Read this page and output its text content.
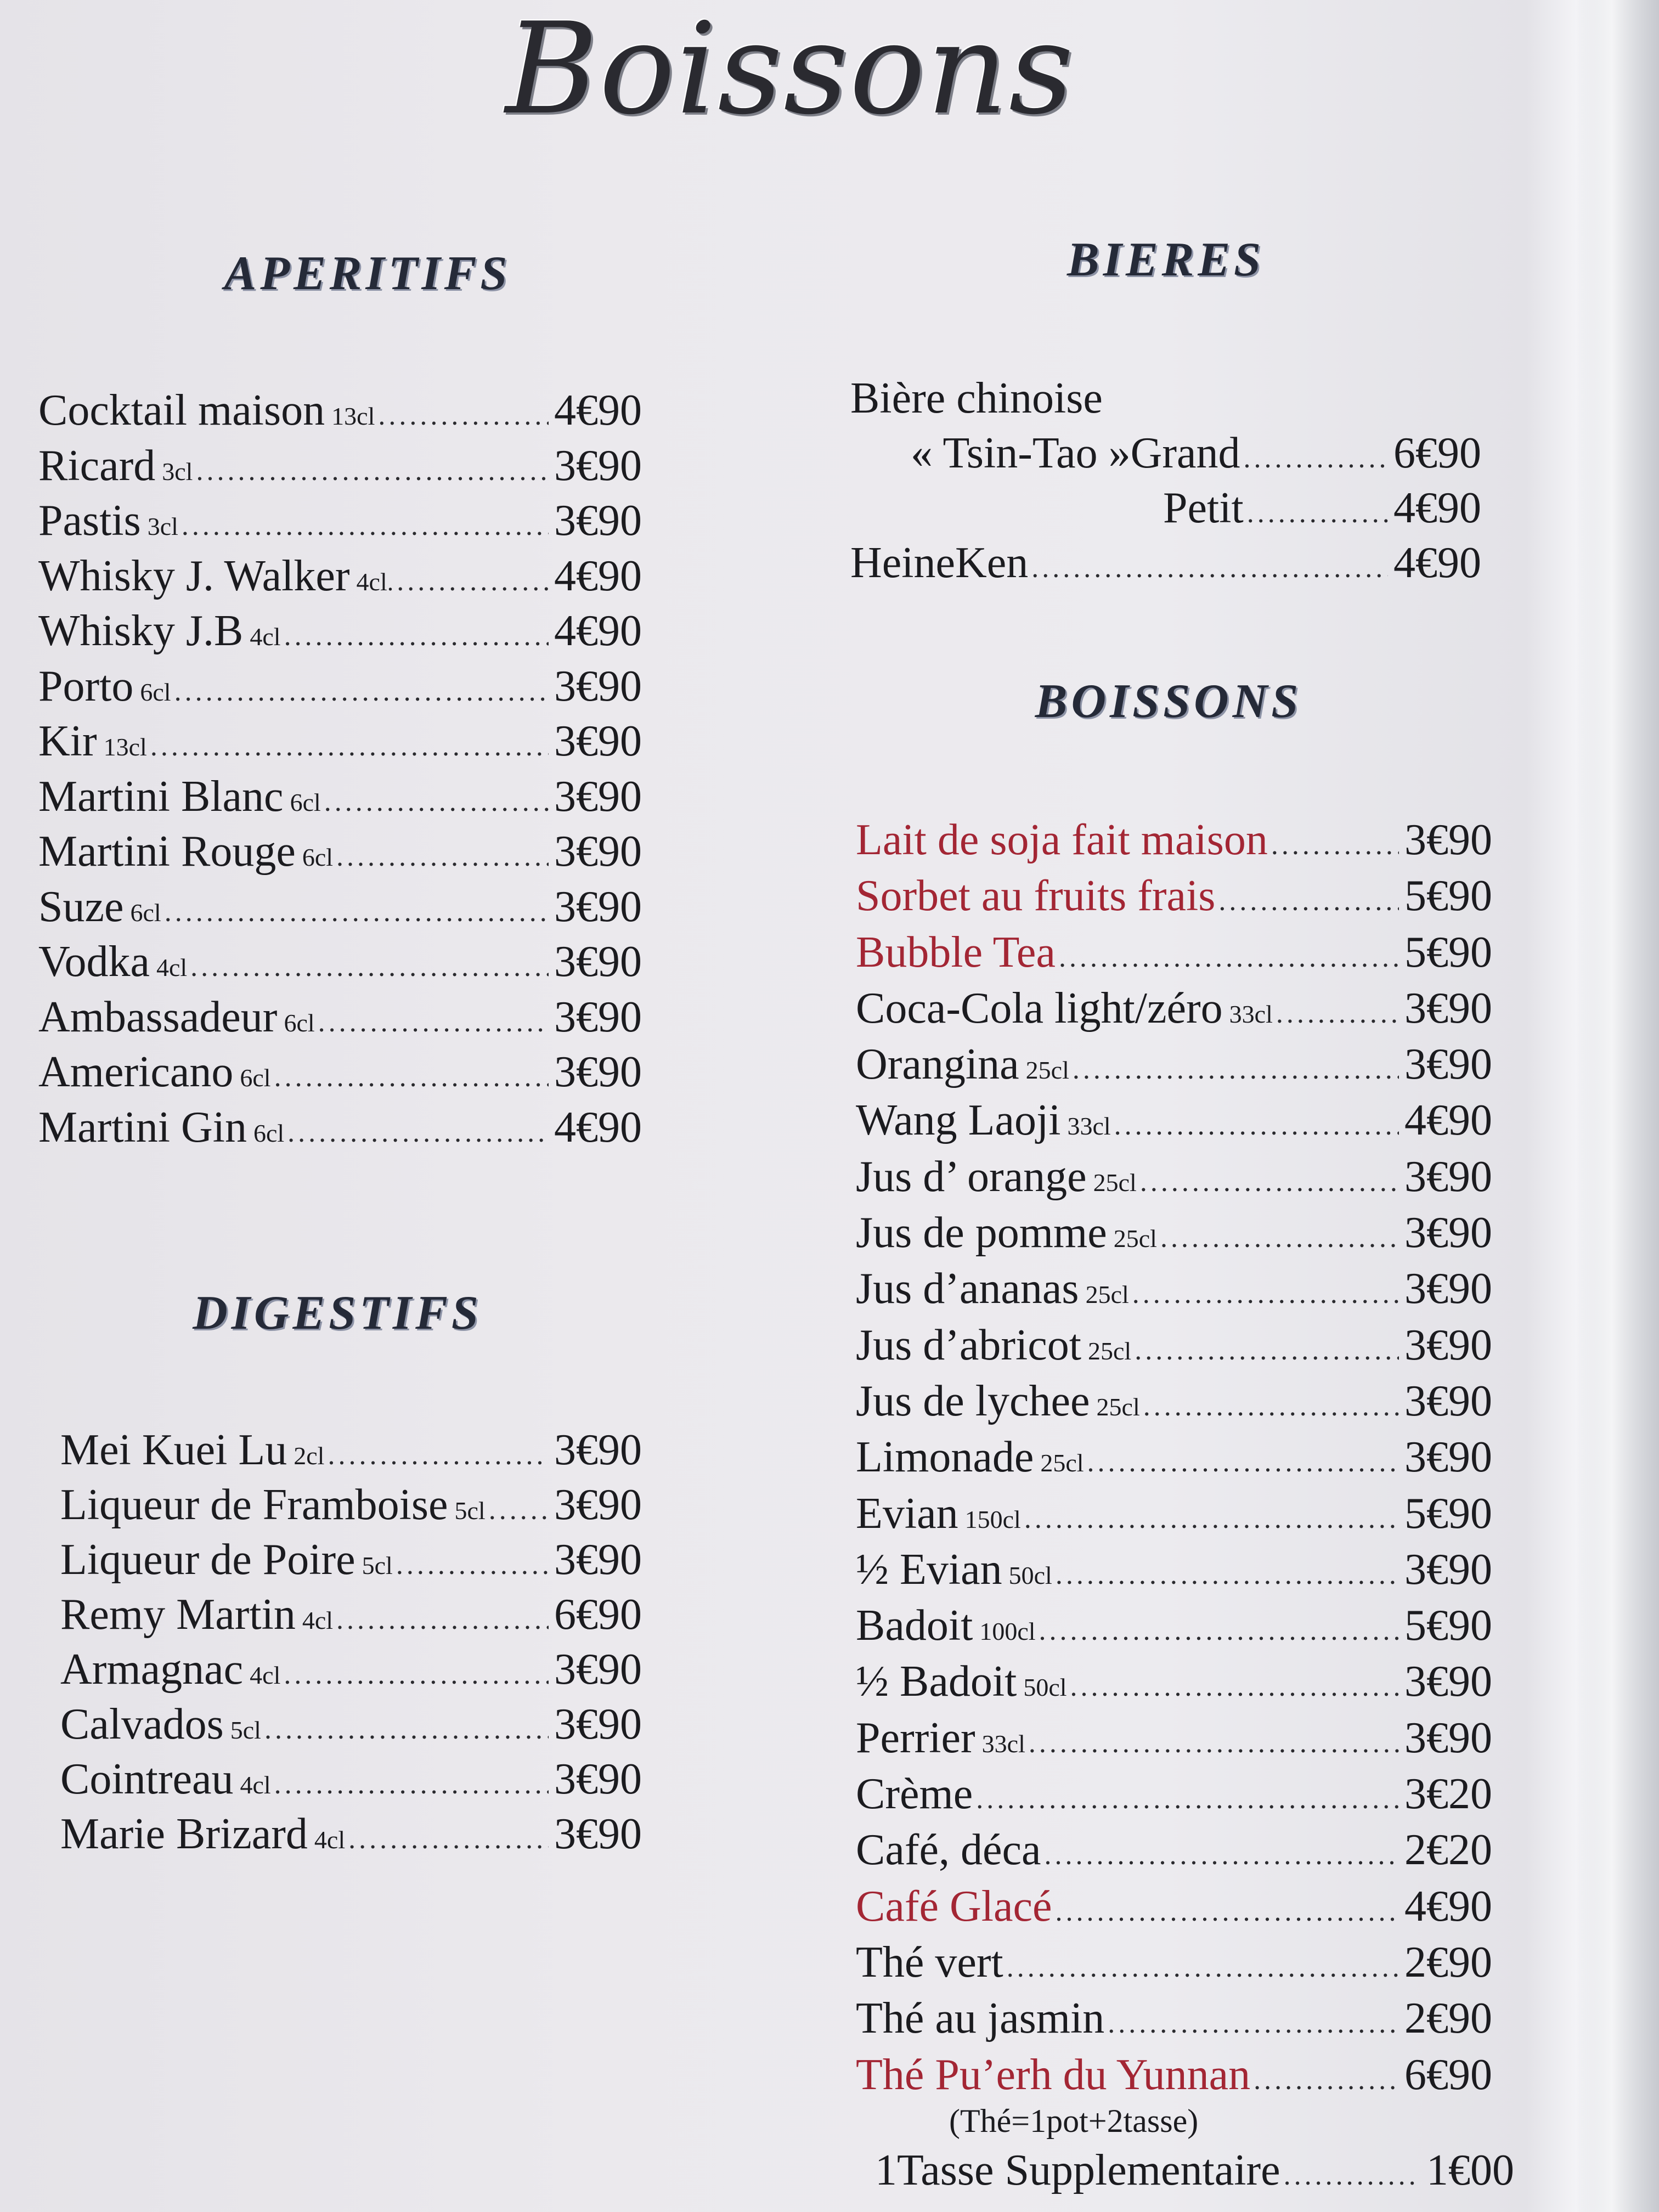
Boissons
APERITIFS
Cocktail maison 13cl .....	4€90
Ricard 3cl .....	3€90
Pastis 3cl .....	3€90
Whisky J. Walker 4cl. .....	4€90
Whisky J.B 4cl .....	4€90
Porto 6cl .....	3€90
Kir 13cl .....	3€90
Martini Blanc 6cl .....	3€90
Martini Rouge 6cl .....	3€90
Suze 6cl .....	3€90
Vodka 4cl .....	3€90
Ambassadeur 6cl .....	3€90
Americano 6cl .....	3€90
Martini Gin 6cl .....	4€90
DIGESTIFS
Mei Kuei Lu 2cl .....	3€90
Liqueur de Framboise 5cl ..... 3€90
Liqueur de Poire 5cl .....	3€90
Remy Martin 4cl .....	6€90
Armagnac 4cl .....	3€90
Calvados 5cl .....	3€90
Cointreau 4cl .....	3€90
Marie Brizard 4cl .....	3€90
BIERES
Bière chinoise
« Tsin-Tao »Grand .....	6€90
Petit .....	4€90
HeineKen .....	4€90
BOISSONS
Lait de soja fait maison .....	3€90
Sorbet au fruits frais .....	5€90
Bubble Tea .....	5€90
Coca-Cola light/zéro 33cl .....	3€90
Orangina 25cl .....	3€90
Wang Laoji 33cl .....	4€90
Jus d’ orange 25cl .....	3€90
Jus de pomme 25cl .....	3€90
Jus d’ananas 25cl .....	3€90
Jus d’abricot 25cl .....	3€90
Jus de lychee 25cl .....	3€90
Limonade 25cl .....	3€90
Evian 150cl .....	5€90
½ Evian 50cl .....	3€90
Badoit 100cl .....	5€90
½ Badoit 50cl .....	3€90
Perrier 33cl .....	3€90
Crème .....	3€20
Café, déca .....	2€20
Café Glacé .....	4€90
Thé vert .....	2€90
Thé au jasmin .....	2€90
Thé Pu’erh du Yunnan .....	6€90
(Thé=1pot+2tasse)
1Tasse Supplementaire .....	1€00
